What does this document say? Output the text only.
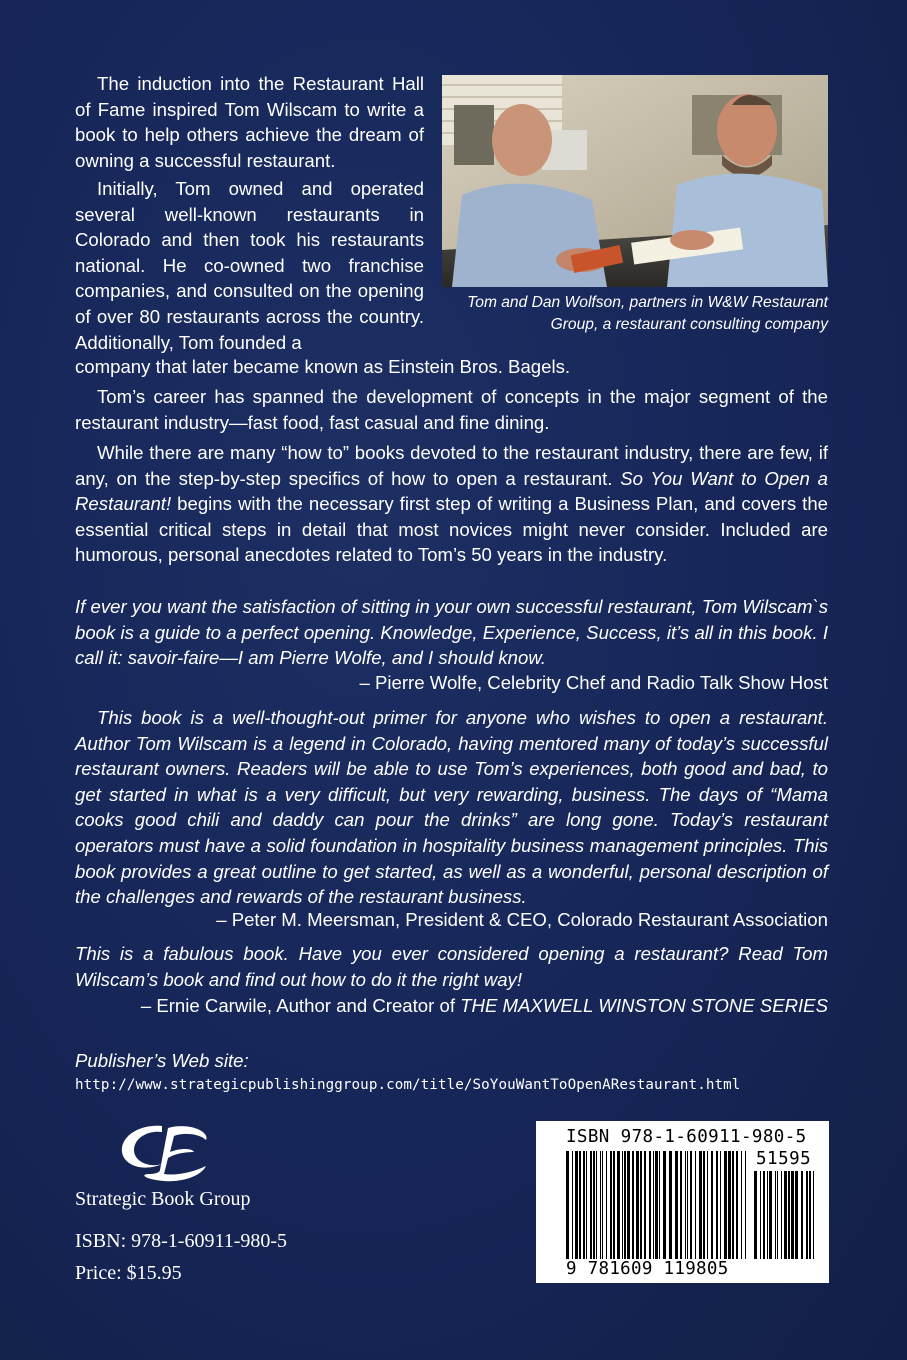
The induction into the Restaurant Hall of Fame inspired Tom Wilscam to write a book to help others achieve the dream of owning a successful restaurant.

Initially, Tom owned and operated several well-known restaurants in Colorado and then took his restaurants national. He co-owned two franchise companies, and consulted on the opening of over 80 restaurants across the country. Additionally, Tom founded a

company that later became known as Einstein Bros. Bagels.

Tom and Dan Wolfson, partners in W&W Restaurant
Group, a restaurant consulting company

Tom’s career has spanned the development of concepts in the major segment of the restaurant industry—fast food, fast casual and fine dining.

While there are many “how to” books devoted to the restaurant industry, there are few, if any, on the step-by-step specifics of how to open a restaurant. So You Want to Open a Restaurant! begins with the necessary first step of writing a Business Plan, and covers the essential critical steps in detail that most novices might never consider. Included are humorous, personal anecdotes related to Tom’s 50 years in the industry.

If ever you want the satisfaction of sitting in your own successful restaurant, Tom Wilscam`s book is a guide to a perfect opening. Knowledge, Experience, Success, it’s all in this book. I call it: savoir-faire—I am Pierre Wolfe, and I should know.

– Pierre Wolfe, Celebrity Chef and Radio Talk Show Host

This book is a well-thought-out primer for anyone who wishes to open a restaurant. Author Tom Wilscam is a legend in Colorado, having mentored many of today’s successful restaurant owners. Readers will be able to use Tom’s experiences, both good and bad, to get started in what is a very difficult, but very rewarding, business. The days of “Mama cooks good chili and daddy can pour the drinks” are long gone. Today’s restaurant operators must have a solid foundation in hospitality business management principles. This book provides a great outline to get started, as well as a wonderful, personal description of the challenges and rewards of the restaurant business.

– Peter M. Meersman, President & CEO, Colorado Restaurant Association

This is a fabulous book. Have you ever considered opening a restaurant? Read Tom Wilscam’s book and find out how to do it the right way!

– Ernie Carwile, Author and Creator of THE MAXWELL WINSTON STONE SERIES
Publisher’s Web site:
http://www.strategicpublishinggroup.com/title/SoYouWantToOpenARestaurant.html
Strategic Book Group
ISBN: 978-1-60911-980-5
Price: $15.95
ISBN 978-1-60911-980-5
51595
9 781609 119805
